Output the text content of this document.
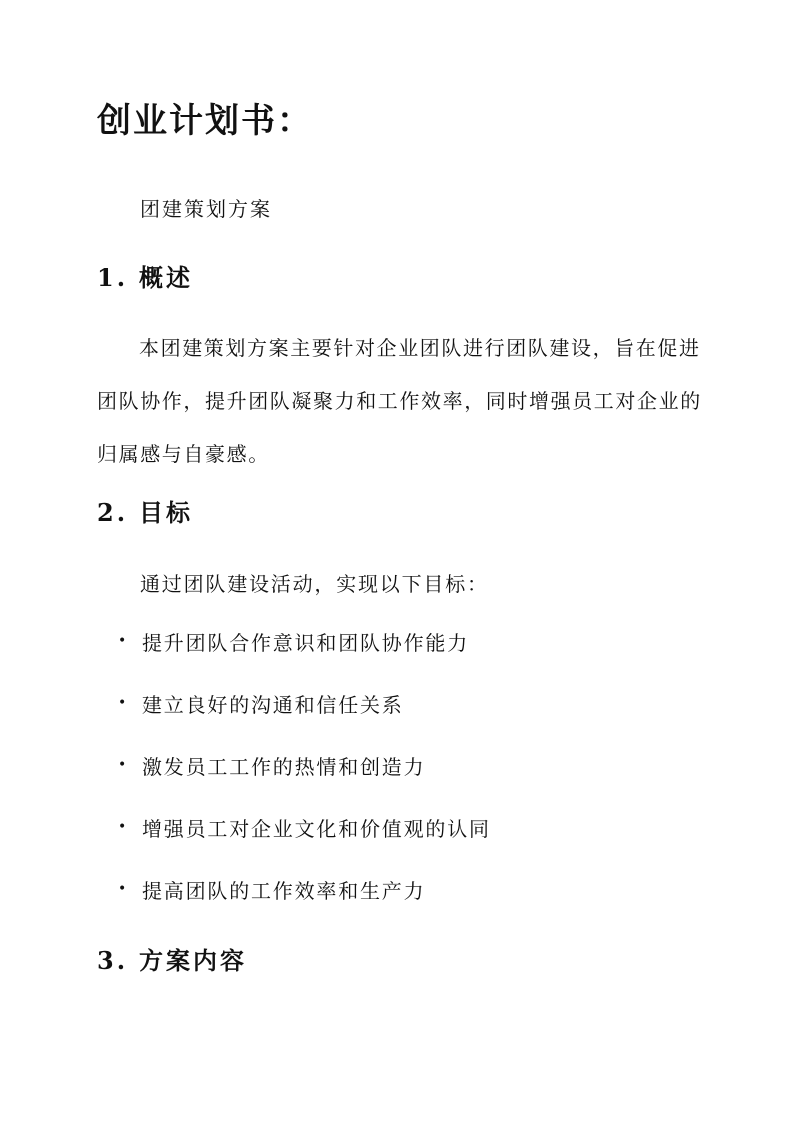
创业计划书：
团建策划方案
1. 概述
本团建策划方案主要针对企业团队进行团队建设，旨在促进团队协作，提升团队凝聚力和工作效率，同时增强员工对企业的归属感与自豪感。
2. 目标
通过团队建设活动，实现以下目标：
• 提升团队合作意识和团队协作能力
• 建立良好的沟通和信任关系
• 激发员工工作的热情和创造力
• 增强员工对企业文化和价值观的认同
• 提高团队的工作效率和生产力
3. 方案内容
